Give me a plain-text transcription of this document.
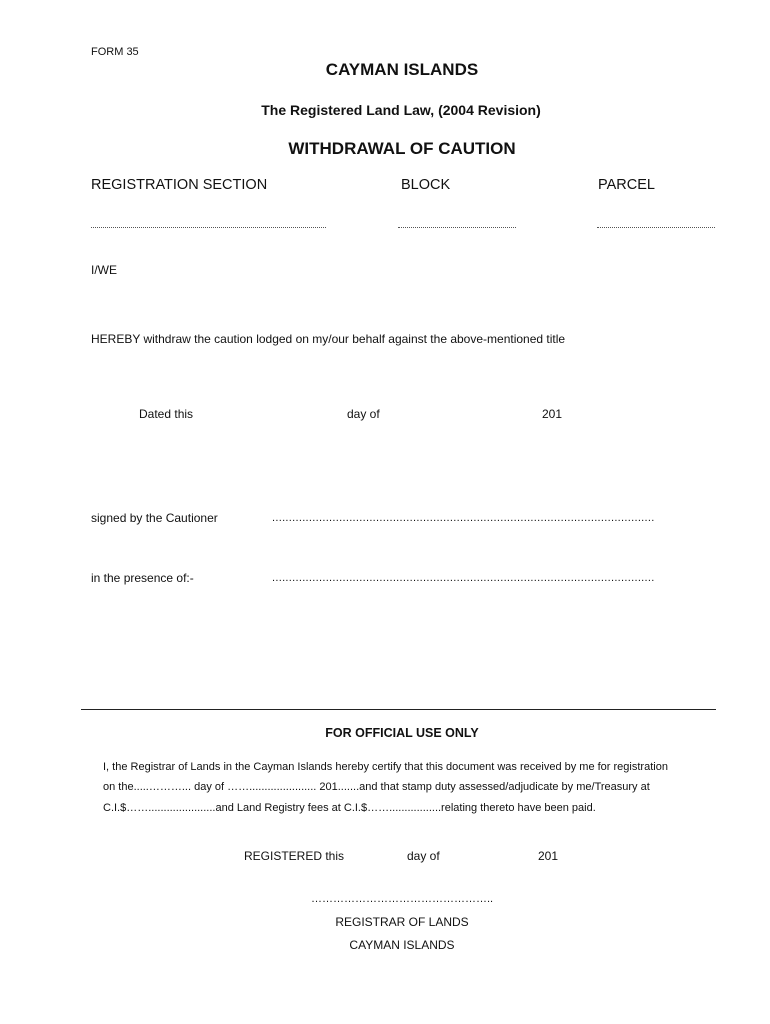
FORM 35
CAYMAN ISLANDS
The Registered Land Law, (2004 Revision)
WITHDRAWAL OF CAUTION
REGISTRATION SECTION	BLOCK	PARCEL
I/WE
HEREBY withdraw the caution lodged on my/our behalf against the above-mentioned title
Dated this	day of	201
signed by the Cautioner	..................................................................................................................
in the presence of:-	..................................................................................................................
FOR OFFICIAL USE ONLY
I, the Registrar of Lands in the Cayman Islands hereby certify that this document was received by me for registration
on the.....………... day of ……...................... 201.......and that stamp duty assessed/adjudicate by me/Treasury at
C.I.$……......................and Land Registry fees at C.I.$…….................relating thereto have been paid.
REGISTERED this	day of	201
…………………………………………..
REGISTRAR OF LANDS
CAYMAN ISLANDS
